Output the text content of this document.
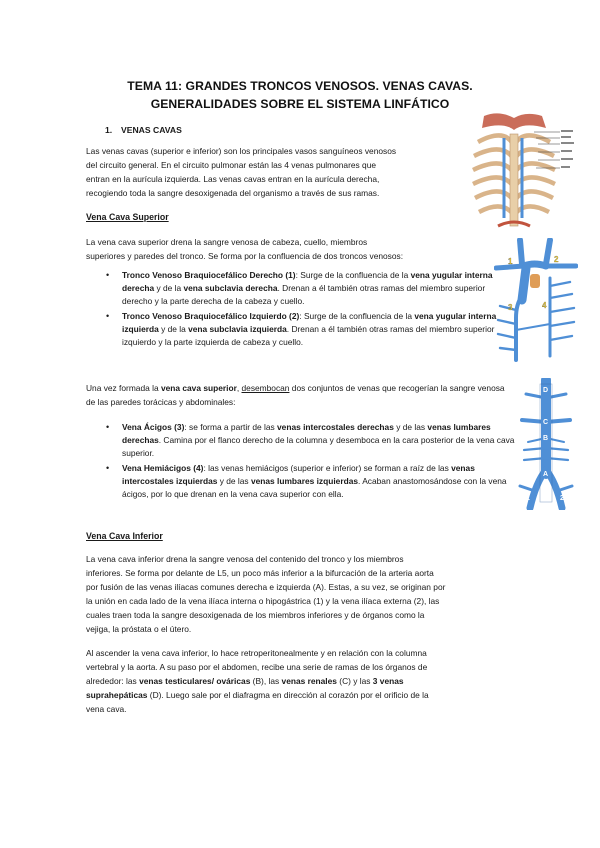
TEMA 11: GRANDES TRONCOS VENOSOS. VENAS CAVAS.
GENERALIDADES SOBRE EL SISTEMA LINFÁTICO
1. VENAS CAVAS
Las venas cavas (superior e inferior) son los principales vasos sanguíneos venosos
del circuito general. En el circuito pulmonar están las 4 venas pulmonares que
entran en la aurícula izquierda. Las venas cavas entran en la aurícula derecha,
recogiendo toda la sangre desoxigenada del organismo a través de sus ramas.
Vena Cava Superior
La vena cava superior drena la sangre venosa de cabeza, cuello, miembros
superiores y paredes del tronco. Se forma por la confluencia de dos troncos venosos:
• Tronco Venoso Braquiocefálico Derecho (1): Surge de la confluencia de la vena yugular interna derecha y de la vena subclavia derecha. Drenan a él también otras ramas del miembro superior derecho y la parte derecha de la cabeza y cuello.
• Tronco Venoso Braquiocefálico Izquierdo (2): Surge de la confluencia de la vena yugular interna izquierda y de la vena subclavia izquierda. Drenan a él también otras ramas del miembro superior izquierdo y la parte izquierda de cabeza y cuello.
Una vez formada la vena cava superior, desembocan dos conjuntos de venas que recogerían la sangre venosa de las paredes torácicas y abdominales:
• Vena Ácigos (3): se forma a partir de las venas intercostales derechas y de las venas lumbares derechas. Camina por el flanco derecho de la columna y desemboca en la cara posterior de la vena cava superior.
• Vena Hemiácigos (4): las venas hemiácigos (superior e inferior) se forman a raíz de las venas intercostales izquierdas y de las venas lumbares izquierdas. Acaban anastomosándose con la vena ácigos, por lo que drenan en la vena cava superior con ella.
Vena Cava Inferior
La vena cava inferior drena la sangre venosa del contenido del tronco y los miembros
inferiores. Se forma por delante de L5, un poco más inferior a la bifurcación de la arteria aorta
por fusión de las venas ilíacas comunes derecha e izquierda (A). Estas, a su vez, se originan por
la unión en cada lado de la vena ilíaca interna o hipogástrica (1) y la vena ilíaca externa (2), las
cuales traen toda la sangre desoxigenada de los miembros inferiores y de órganos como la
vejiga, la próstata o el útero.
Al ascender la vena cava inferior, lo hace retroperitonealmente y en relación con la columna
vertebral y la aorta. A su paso por el abdomen, recibe una serie de ramas de los órganos de
alrededor: las venas testiculares/ ováricas (B), las venas renales (C) y las 3 venas
suprahepáticas (D). Luego sale por el diafragma en dirección al corazón por el orificio de la
vena cava.
1	2
3	4
D
C
B
A
1	2
